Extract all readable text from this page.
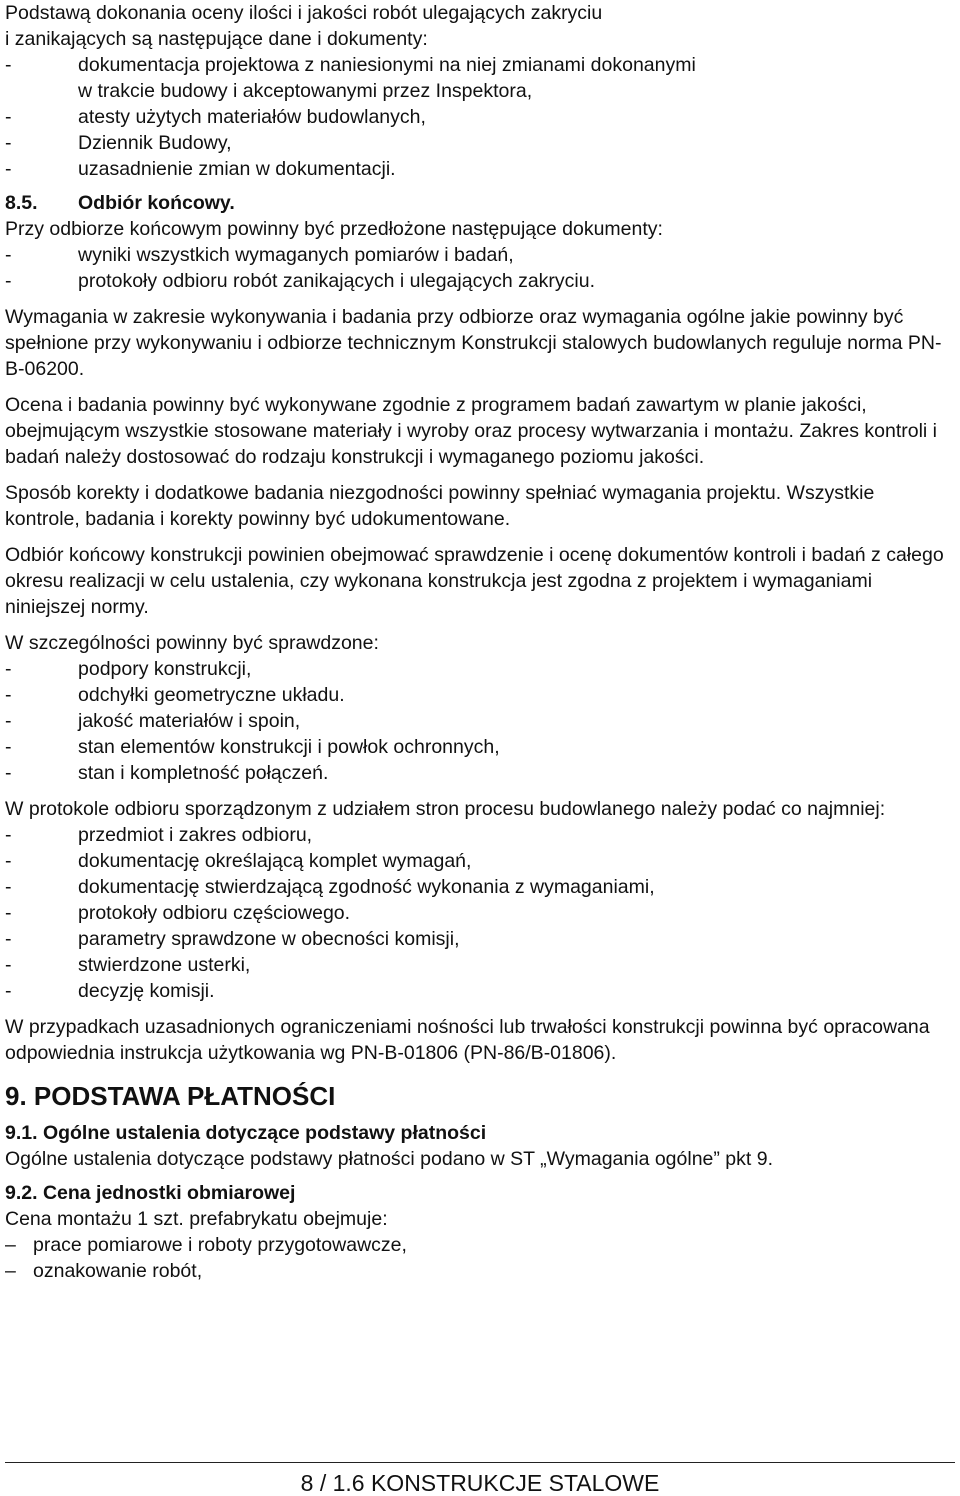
Podstawą dokonania oceny ilości i jakości robót ulegających zakryciu

i zanikających są następujące dane i dokumenty:

-	dokumentacja projektowa z naniesionymi na niej zmianami dokonanymi
w trakcie budowy i akceptowanymi przez Inspektora,
-	atesty użytych materiałów budowlanych,
-	Dziennik Budowy,
-	uzasadnienie zmian w dokumentacji.
8.5.	Odbiór końcowy.

Przy odbiorze końcowym powinny być przedłożone następujące dokumenty:

-	wyniki wszystkich wymaganych pomiarów i badań,
-	protokoły odbioru robót zanikających i ulegających zakryciu.

Wymagania w zakresie wykonywania i badania przy odbiorze oraz wymagania ogólne jakie powinny być spełnione przy wykonywaniu i odbiorze technicznym Konstrukcji stalowych budowlanych reguluje norma PN-B-06200.

Ocena i badania powinny być wykonywane zgodnie z programem badań zawartym w planie jakości, obejmującym wszystkie stosowane materiały i wyroby oraz procesy wytwarzania i montażu. Zakres kontroli i badań należy dostosować do rodzaju konstrukcji i wymaganego poziomu jakości.

Sposób korekty i dodatkowe badania niezgodności powinny spełniać wymagania projektu. Wszystkie kontrole, badania i korekty powinny być udokumentowane.

Odbiór końcowy konstrukcji powinien obejmować sprawdzenie i ocenę dokumentów kontroli i badań z całego okresu realizacji w celu ustalenia, czy wykonana konstrukcja jest zgodna z projektem i wymaganiami niniejszej normy.

W szczególności powinny być sprawdzone:

-	podpory konstrukcji,
-	odchyłki geometryczne układu.
-	jakość materiałów i spoin,
-	stan elementów konstrukcji i powłok ochronnych,
-	stan i kompletność połączeń.

W protokole odbioru sporządzonym z udziałem stron procesu budowlanego należy podać co najmniej:

-	przedmiot i zakres odbioru,
-	dokumentację określającą komplet wymagań,
-	dokumentację stwierdzającą zgodność wykonania z wymaganiami,
-	protokoły odbioru częściowego.
-	parametry sprawdzone w obecności komisji,
-	stwierdzone usterki,
-	decyzję komisji.

W przypadkach uzasadnionych ograniczeniami nośności lub trwałości konstrukcji powinna być opracowana odpowiednia instrukcja użytkowania wg PN-B-01806 (PN-86/B-01806).

9. PODSTAWA PŁATNOŚCI

9.1. Ogólne ustalenia dotyczące podstawy płatności

Ogólne ustalenia dotyczące podstawy płatności podano w ST „Wymagania ogólne” pkt 9.

9.2. Cena jednostki obmiarowej

Cena montażu 1 szt. prefabrykatu obejmuje:

– prace pomiarowe i roboty przygotowawcze,
– oznakowanie robót,
8 / 1.6 KONSTRUKCJE STALOWE
